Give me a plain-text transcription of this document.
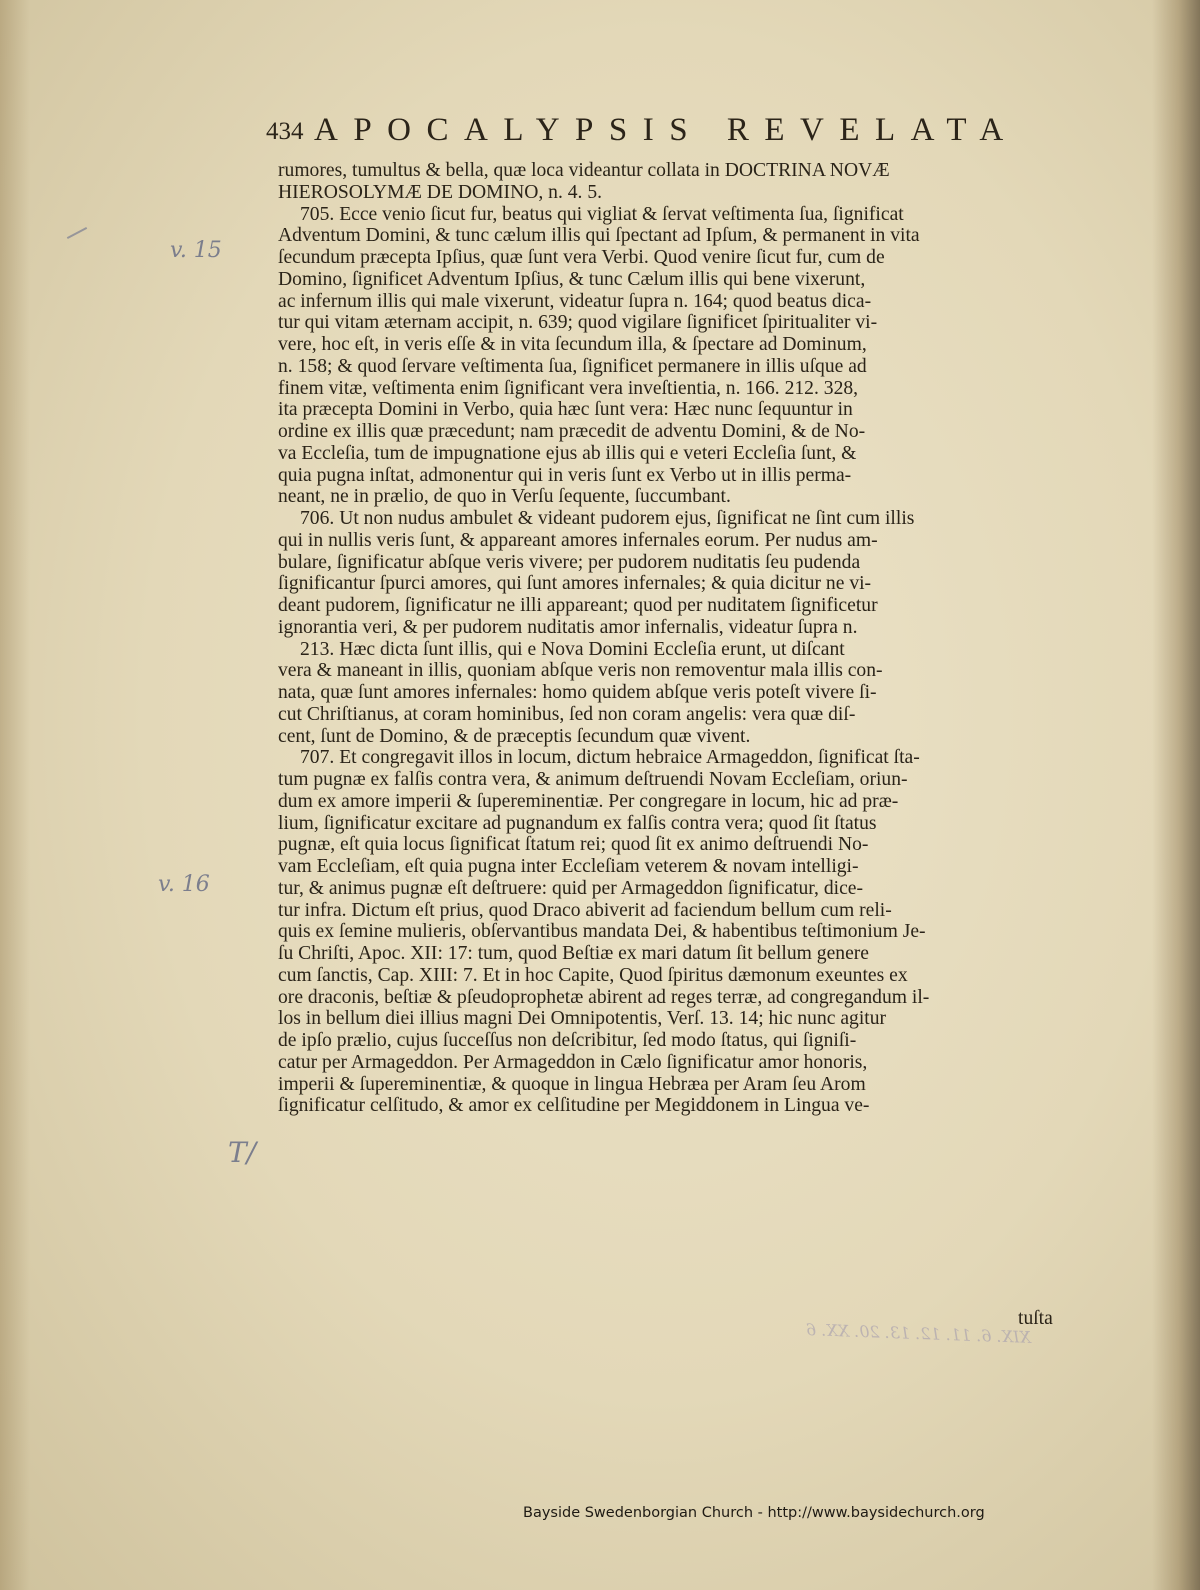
434 APOCALYPSIS REVELATA
rumores, tumultus & bella, quæ loca videantur collata in DOCTRINA NOVÆ
HIEROSOLYMÆ DE DOMINO, n. 4. 5.
705. Ecce venio ſicut fur, beatus qui vigliat & ſervat veſtimenta ſua, ſignificat
Adventum Domini, & tunc cælum illis qui ſpectant ad Ipſum, & permanent in vita
ſecundum præcepta Ipſius, quæ ſunt vera Verbi. Quod venire ſicut fur, cum de
Domino, ſignificet Adventum Ipſius, & tunc Cælum illis qui bene vixerunt,
ac infernum illis qui male vixerunt, videatur ſupra n. 164; quod beatus dica-
tur qui vitam æternam accipit, n. 639; quod vigilare ſignificet ſpiritualiter vi-
vere, hoc eſt, in veris eſſe & in vita ſecundum illa, & ſpectare ad Dominum,
n. 158; & quod ſervare veſtimenta ſua, ſignificet permanere in illis uſque ad
finem vitæ, veſtimenta enim ſignificant vera inveſtientia, n. 166. 212. 328,
ita præcepta Domini in Verbo, quia hæc ſunt vera: Hæc nunc ſequuntur in
ordine ex illis quæ præcedunt; nam præcedit de adventu Domini, & de No-
va Eccleſia, tum de impugnatione ejus ab illis qui e veteri Eccleſia ſunt, &
quia pugna inſtat, admonentur qui in veris ſunt ex Verbo ut in illis perma-
neant, ne in prælio, de quo in Verſu ſequente, ſuccumbant.
706. Ut non nudus ambulet & videant pudorem ejus, ſignificat ne ſint cum illis
qui in nullis veris ſunt, & appareant amores infernales eorum. Per nudus am-
bulare, ſignificatur abſque veris vivere; per pudorem nuditatis ſeu pudenda
ſignificantur ſpurci amores, qui ſunt amores infernales; & quia dicitur ne vi-
deant pudorem, ſignificatur ne illi appareant; quod per nuditatem ſignificetur
ignorantia veri, & per pudorem nuditatis amor infernalis, videatur ſupra n.
213. Hæc dicta ſunt illis, qui e Nova Domini Eccleſia erunt, ut diſcant
vera & maneant in illis, quoniam abſque veris non removentur mala illis con-
nata, quæ ſunt amores infernales: homo quidem abſque veris poteſt vivere ſi-
cut Chriſtianus, at coram hominibus, ſed non coram angelis: vera quæ diſ-
cent, ſunt de Domino, & de præceptis ſecundum quæ vivent.
707. Et congregavit illos in locum, dictum hebraice Armageddon, ſignificat ſta-
tum pugnæ ex falſis contra vera, & animum deſtruendi Novam Eccleſiam, oriun-
dum ex amore imperii & ſupereminentiæ. Per congregare in locum, hic ad præ-
lium, ſignificatur excitare ad pugnandum ex falſis contra vera; quod ſit ſtatus
pugnæ, eſt quia locus ſignificat ſtatum rei; quod ſit ex animo deſtruendi No-
vam Eccleſiam, eſt quia pugna inter Eccleſiam veterem & novam intelligi-
tur, & animus pugnæ eſt deſtruere: quid per Armageddon ſignificatur, dice-
tur infra. Dictum eſt prius, quod Draco abiverit ad faciendum bellum cum reli-
quis ex ſemine mulieris, obſervantibus mandata Dei, & habentibus teſtimonium Je-
ſu Chriſti, Apoc. XII: 17: tum, quod Beſtiæ ex mari datum ſit bellum genere
cum ſanctis, Cap. XIII: 7. Et in hoc Capite, Quod ſpiritus dæmonum exeuntes ex
ore draconis, beſtiæ & pſeudoprophetæ abirent ad reges terræ, ad congregandum il-
los in bellum diei illius magni Dei Omnipotentis, Verſ. 13. 14; hic nunc agitur
de ipſo prælio, cujus ſucceſſus non deſcribitur, ſed modo ſtatus, qui ſigniſi-
catur per Armageddon. Per Armageddon in Cælo ſignificatur amor honoris,
imperii & ſupereminentiæ, & quoque in lingua Hebræa per Aram ſeu Arom
ſignificatur celſitudo, & amor ex celſitudine per Megiddonem in Lingua ve-
tuſta
v. 15
v. 16
T/
XIX. 6. 11. 12. 13. 20. XX. 6
Bayside Swedenborgian Church - http://www.baysidechurch.org
